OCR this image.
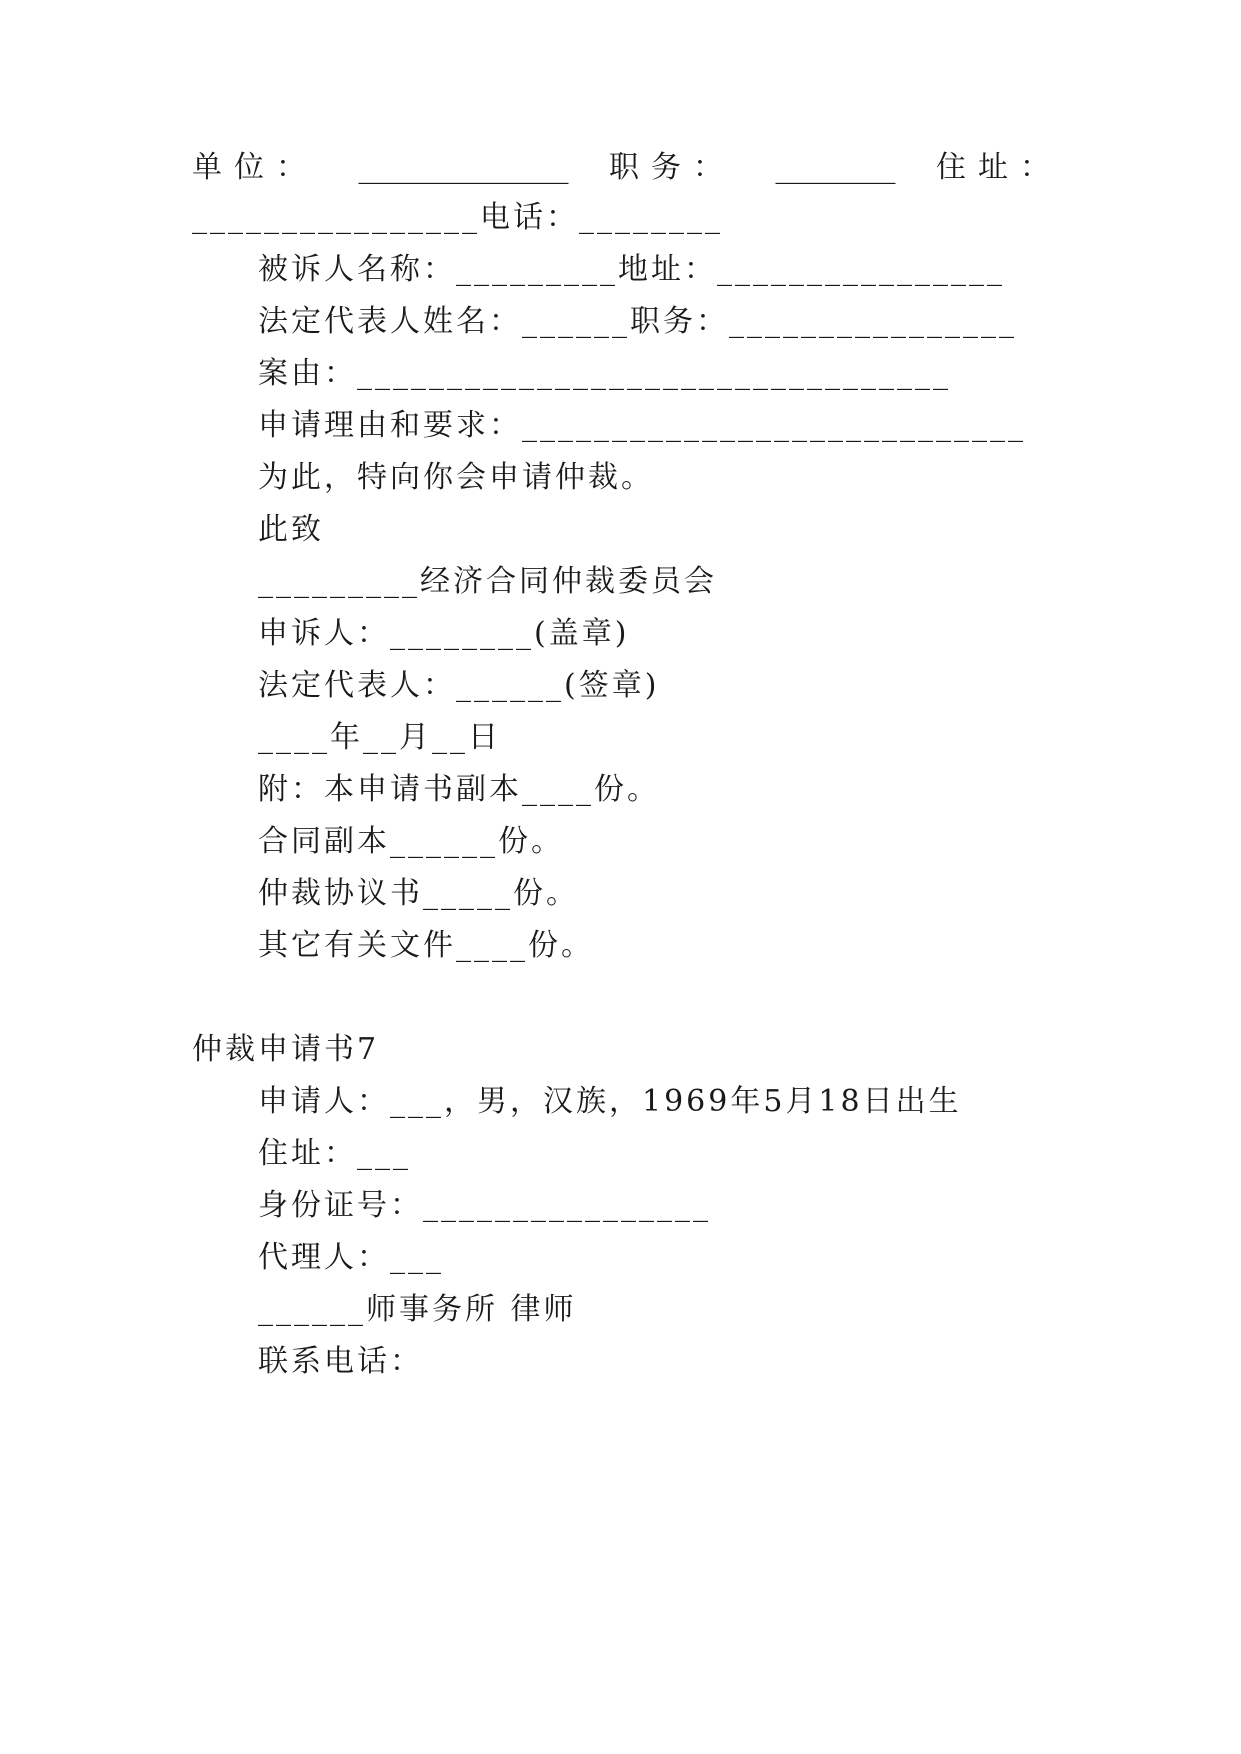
单位： ______________ 职务： ________ 住址：
________________电话：________
被诉人名称：_________地址：________________
法定代表人姓名：______职务：________________
案由：_________________________________
申请理由和要求：____________________________
为此，特向你会申请仲裁。
此致
_________经济合同仲裁委员会
申诉人：________(盖章)
法定代表人：______(签章)
____年__月__日
附：本申请书副本____份。
合同副本______份。
仲裁协议书_____份。
其它有关文件____份。
仲裁申请书7
申请人：___，男，汉族，1969年5月18日出生
住址：___
身份证号：________________
代理人：___
______师事务所 律师
联系电话：
